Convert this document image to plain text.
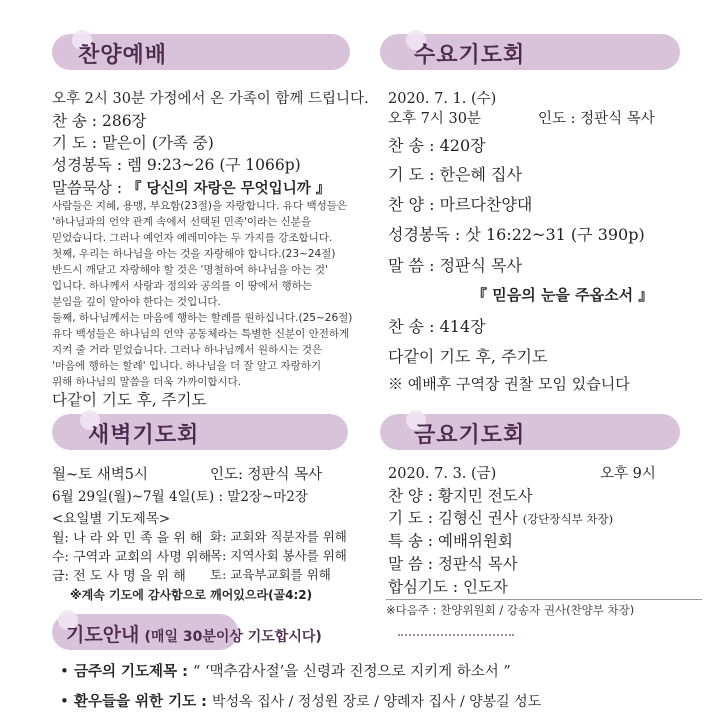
찬양예배
오후 2시 30분 가정에서 온 가족이 함께 드립니다.
찬 송 : 286장
기 도 : 맡은이 (가족 중)
성경봉독 : 렘 9:23~26 (구 1066p)
말씀묵상 : 『 당신의 자랑은 무엇입니까 』
사람들은 지혜, 용맹, 부요함(23절)을 자랑합니다. 유다 백성들은
'하나님과의 언약 관계 속에서 선택된 민족'이라는 신분을
믿었습니다. 그러나 예언자 예레미야는 두 가지를 강조합니다.
첫째, 우리는 하나님을 아는 것을 자랑해야 합니다.(23~24절)
반드시 깨닫고 자랑해야 할 것은 '명철하여 하나님을 아는 것'
입니다. 하나께서 사랑과 정의와 공의를 이 땅에서 행하는
분임을 깊이 알아야 한다는 것입니다.
둘째, 하나님께서는 마음에 행하는 할례를 원하십니다.(25~26절)
유다 백성들은 하나님의 언약 공동체라는 특별한 신분이 안전하게
지켜 줄 거라 믿었습니다. 그러나 하나님께서 원하시는 것은
'마음에 행하는 할례' 입니다. 하나님을 더 잘 알고 자랑하기
위해 하나님의 말씀을 더욱 가까이합시다.
다같이 기도 후, 주기도
수요기도회
2020. 7. 1. (수)
오후 7시 30분	인도 : 정판식 목사
찬 송 : 420장
기 도 : 한은혜 집사
찬 양 : 마르다찬양대
성경봉독 : 삿 16:22~31 (구 390p)
말 씀 : 정판식 목사
『 믿음의 눈을 주옵소서 』
찬 송 : 414장
다같이 기도 후, 주기도
※ 예배후 구역장 권찰 모임 있습니다
새벽기도회
월~토 새벽5시	인도: 정판식 목사
6월 29일(월)~7월 4일(토) : 말2장~마2장
<요일별 기도제목>
월: 나 라 와 민 족 을 위 해 화: 교회와 직분자를 위해
수: 구역과 교회의 사명 위해
목: 지역사회 봉사를 위해
금: 전 도 사 명 을 위 해 토: 교육부교회를 위해
※계속 기도에 감사함으로 깨어있으라(골4:2)
금요기도회
2020. 7. 3. (금)	오후 9시
찬 양 : 황지민 전도사
기 도 : 김형신 권사 (강단장식부 차장)
특 송 : 예배위원회
말 씀 : 정판식 목사
합심기도 : 인도자
※다음주 : 찬양위원회 / 강송자 권사(찬양부 차장)
기도안내 (매일 30분이상 기도합시다)
• 금주의 기도제목 : “ ‘맥추감사절’을 신령과 진정으로 지키게 하소서 ”
• 환우들을 위한 기도 : 박성옥 집사 / 정성원 장로 / 양례자 집사 / 양봉길 성도
